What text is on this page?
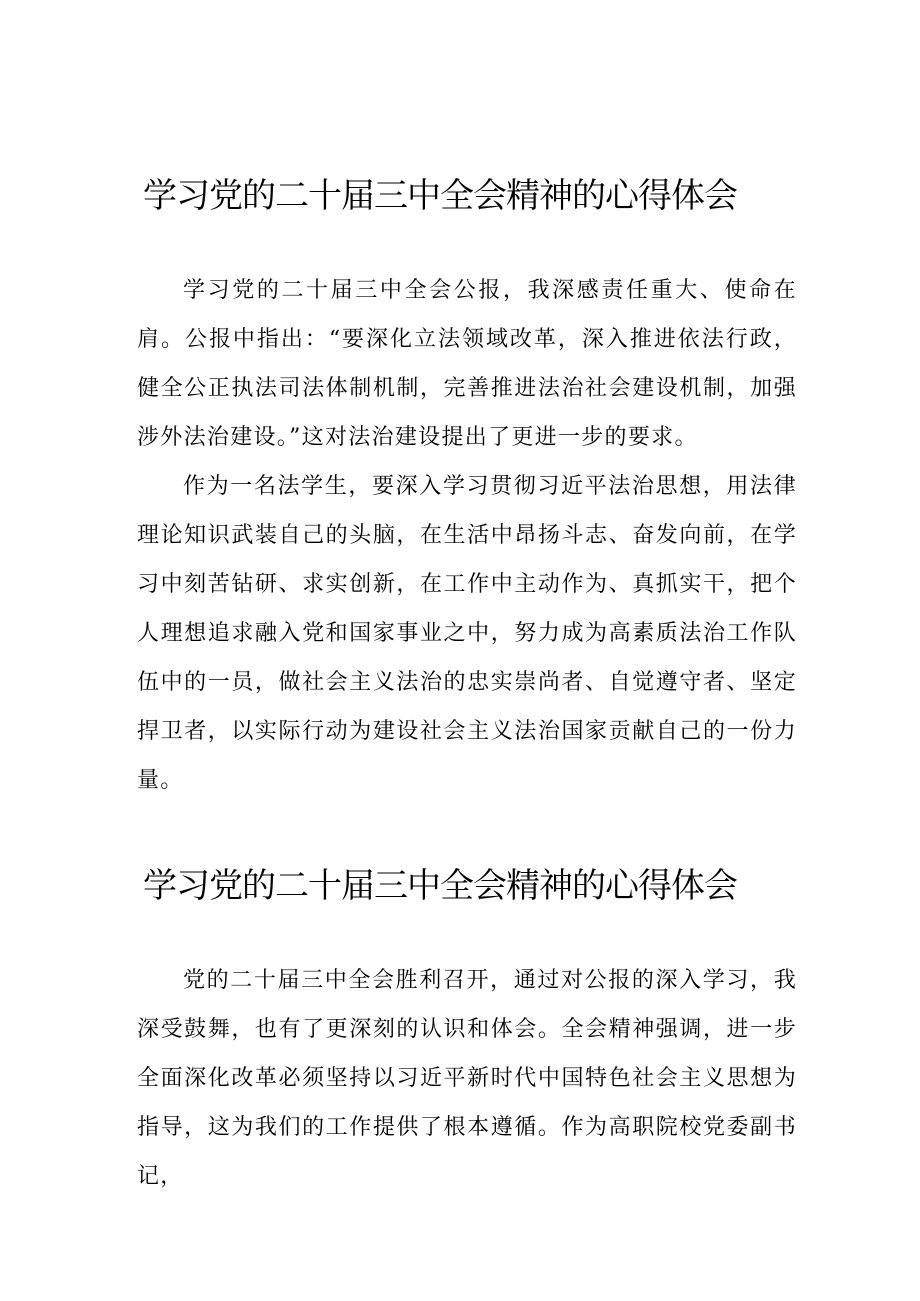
学习党的二十届三中全会精神的心得体会

学习党的二十届三中全会公报，我深感责任重大、使命在肩。公报中指出：“要深化立法领域改革，深入推进依法行政，健全公正执法司法体制机制，完善推进法治社会建设机制，加强涉外法治建设。”这对法治建设提出了更进一步的要求。

作为一名法学生，要深入学习贯彻习近平法治思想，用法律理论知识武装自己的头脑，在生活中昂扬斗志、奋发向前，在学习中刻苦钻研、求实创新，在工作中主动作为、真抓实干，把个人理想追求融入党和国家事业之中，努力成为高素质法治工作队伍中的一员，做社会主义法治的忠实崇尚者、自觉遵守者、坚定捍卫者，以实际行动为建设社会主义法治国家贡献自己的一份力量。

学习党的二十届三中全会精神的心得体会

党的二十届三中全会胜利召开，通过对公报的深入学习，我深受鼓舞，也有了更深刻的认识和体会。全会精神强调，进一步全面深化改革必须坚持以习近平新时代中国特色社会主义思想为指导，这为我们的工作提供了根本遵循。作为高职院校党委副书记，
